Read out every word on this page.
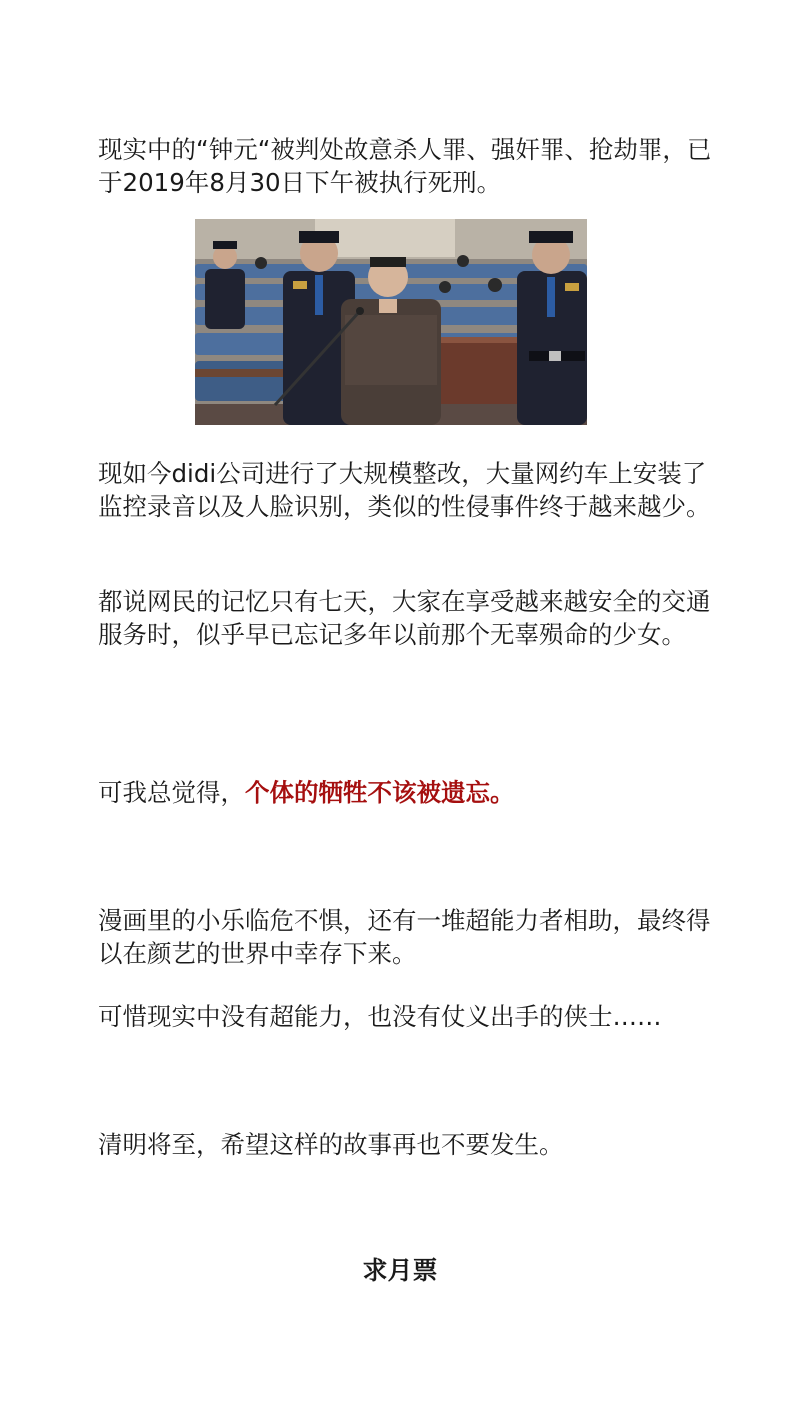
现实中的“钟元“被判处故意杀人罪、强奸罪、抢劫罪，已于2019年8月30日下午被执行死刑。

现如今didi公司进行了大规模整改，大量网约车上安装了监控录音以及人脸识别，类似的性侵事件终于越来越少。

都说网民的记忆只有七天，大家在享受越来越安全的交通服务时，似乎早已忘记多年以前那个无辜殒命的少女。

可我总觉得，个体的牺牲不该被遗忘。

漫画里的小乐临危不惧，还有一堆超能力者相助，最终得以在颜艺的世界中幸存下来。

可惜现实中没有超能力，也没有仗义出手的侠士……

清明将至，希望这样的故事再也不要发生。

求月票
